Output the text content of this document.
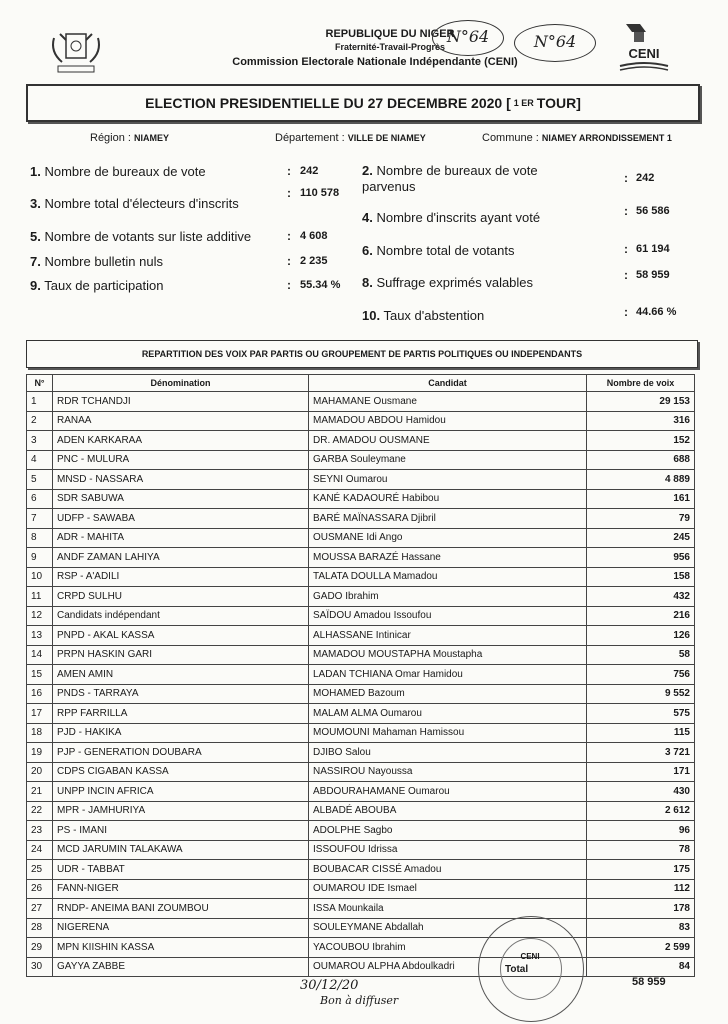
REPUBLIQUE DU NIGER
Fraternité-Travail-Progrès
Commission Electorale Nationale Indépendante (CENI)
N°64	N°64
CENI
ELECTION PRESIDENTIELLE DU 27 DECEMBRE 2020 [ 1 ER TOUR]
Région : NIAMEY	Département : VILLE DE NIAMEY	Commune : NIAMEY ARRONDISSEMENT 1
1. Nombre de bureaux de vote	: 242
3. Nombre total d'électeurs d'inscrits
: 110 578
5. Nombre de votants sur liste additive	: 4 608
7. Nombre bulletin nuls	: 2 235
9. Taux de participation	: 55.34 %
2. Nombre de bureaux de vote
parvenus
: 242
4. Nombre d'inscrits ayant voté	: 56 586
6. Nombre total de votants	: 61 194
8. Suffrage exprimés valables	: 58 959
10. Taux d'abstention	: 44.66 %
REPARTITION DES VOIX PAR PARTIS OU GROUPEMENT DE PARTIS POLITIQUES OU INDEPENDANTS
N°	Dénomination	Candidat	Nombre de voix
1	RDR TCHANDJI	MAHAMANE Ousmane	29 153
2	RANAA	MAMADOU ABDOU Hamidou	316
3	ADEN KARKARAA	DR. AMADOU OUSMANE	152
4	PNC - MULURA	GARBA Souleymane	688
5	MNSD - NASSARA	SEYNI Oumarou	4 889
6	SDR SABUWA	KANÉ KADAOURÉ Habibou	161
7	UDFP - SAWABA	BARÉ MAÏNASSARA Djibril	79
8	ADR - MAHITA	OUSMANE Idi Ango	245
9	ANDF ZAMAN LAHIYA	MOUSSA BARAZÉ Hassane	956
10	RSP - A'ADILI	TALATA DOULLA Mamadou	158
11	CRPD SULHU	GADO Ibrahim	432
12	Candidats indépendant	SAÏDOU Amadou Issoufou	216
13	PNPD - AKAL KASSA	ALHASSANE Intinicar	126
14	PRPN HASKIN GARI	MAMADOU MOUSTAPHA Moustapha	58
15	AMEN AMIN	LADAN TCHIANA Omar Hamidou	756
16	PNDS - TARRAYA	MOHAMED Bazoum	9 552
17	RPP FARRILLA	MALAM ALMA Oumarou	575
18	PJD - HAKIKA	MOUMOUNI Mahaman Hamissou	115
19	PJP - GENERATION DOUBARA	DJIBO Salou	3 721
20	CDPS CIGABAN KASSA	NASSIROU Nayoussa	171
21	UNPP INCIN AFRICA	ABDOURAHAMANE Oumarou	430
22	MPR - JAMHURIYA	ALBADÉ ABOUBA	2 612
23	PS - IMANI	ADOLPHE Sagbo	96
24	MCD JARUMIN TALAKAWA	ISSOUFOU Idrissa	78
25	UDR - TABBAT	BOUBACAR CISSÉ Amadou	175
26	FANN-NIGER	OUMAROU IDE Ismael	112
27	RNDP- ANEIMA BANI ZOUMBOU	ISSA Mounkaila	178
28	NIGERENA	SOULEYMANE Abdallah	83
29	MPN KIISHIN KASSA	YACOUBOU Ibrahim	2 599
30	GAYYA ZABBE	OUMAROU ALPHA Abdoulkadri	84
CENI
Total
58 959
30/12/20
Bon à diffuser
